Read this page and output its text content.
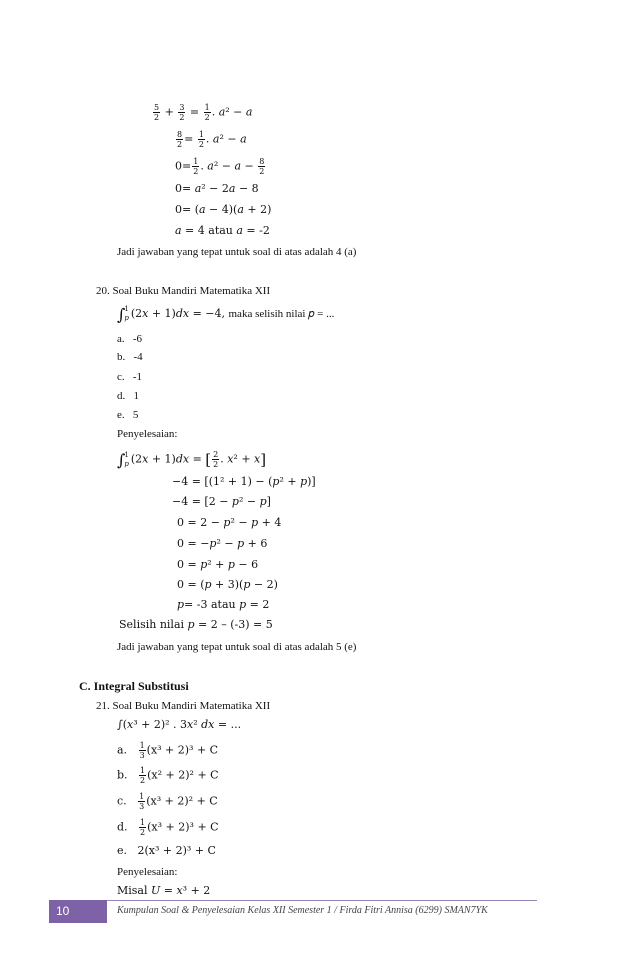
$\frac{5}{2} + \frac{3}{2} = \frac{1}{2}$ . 𝑎² − 𝑎
$\frac{8}{2} = \frac{1}{2}$ . 𝑎² − 𝑎
$0= \frac{1}{2}$ . 𝑎² − 𝑎 − $\frac{8}{2}$
0= 𝑎² − 2𝑎 − 8
0= (𝑎 − 4)(𝑎 + 2)
𝑎 = 4 atau 𝑎 = -2
Jadi jawaban yang tepat untuk soal di atas adalah 4 (a)
20. Soal Buku Mandiri Matematika XII
∫ 1
𝑝 (2𝑥 + 1)𝑑𝑥 = −4, maka selisih nilai 𝑝 = ...
a. -6
b. -4
c. -1
d. 1
e. 5
Penyelesaian:
∫ 1
𝑝 (2𝑥 + 1)𝑑𝑥 = [ $\frac{2}{2}$ . 𝑥² + 𝑥]
−4 = [(1² + 1) − (𝑝² + 𝑝)]
−4 = [2 − 𝑝² − 𝑝]
0 = 2 − 𝑝² − 𝑝 + 4
0 = −𝑝² − 𝑝 + 6
0 = 𝑝² + 𝑝 − 6
0 = (𝑝 + 3)(𝑝 − 2)
𝑝= -3 atau 𝑝 = 2
Selisih nilai 𝑝 = 2 – (-3) = 5
Jadi jawaban yang tepat untuk soal di atas adalah 5 (e)
C. Integral Substitusi
21. Soal Buku Mandiri Matematika XII
∫(𝑥³ + 2)² . 3𝑥² 𝑑𝑥 = ...
a. $\frac{1}{3} (x^3 + 2)^3 + C$
b. $\frac{1}{2} (x^2 + 2)^2 + C$
c. $\frac{1}{3} (x^3 + 2)^2 + C$
d. $\frac{1}{2} (x^3 + 2)^3 + C$
e. 2(x³ + 2)³ + C
Penyelesaian:
Misal 𝑈 = 𝑥³ + 2
10	Kumpulan Soal & Penyelesaian Kelas XII Semester 1 / Firda Fitri Annisa (6299) SMAN7YK
